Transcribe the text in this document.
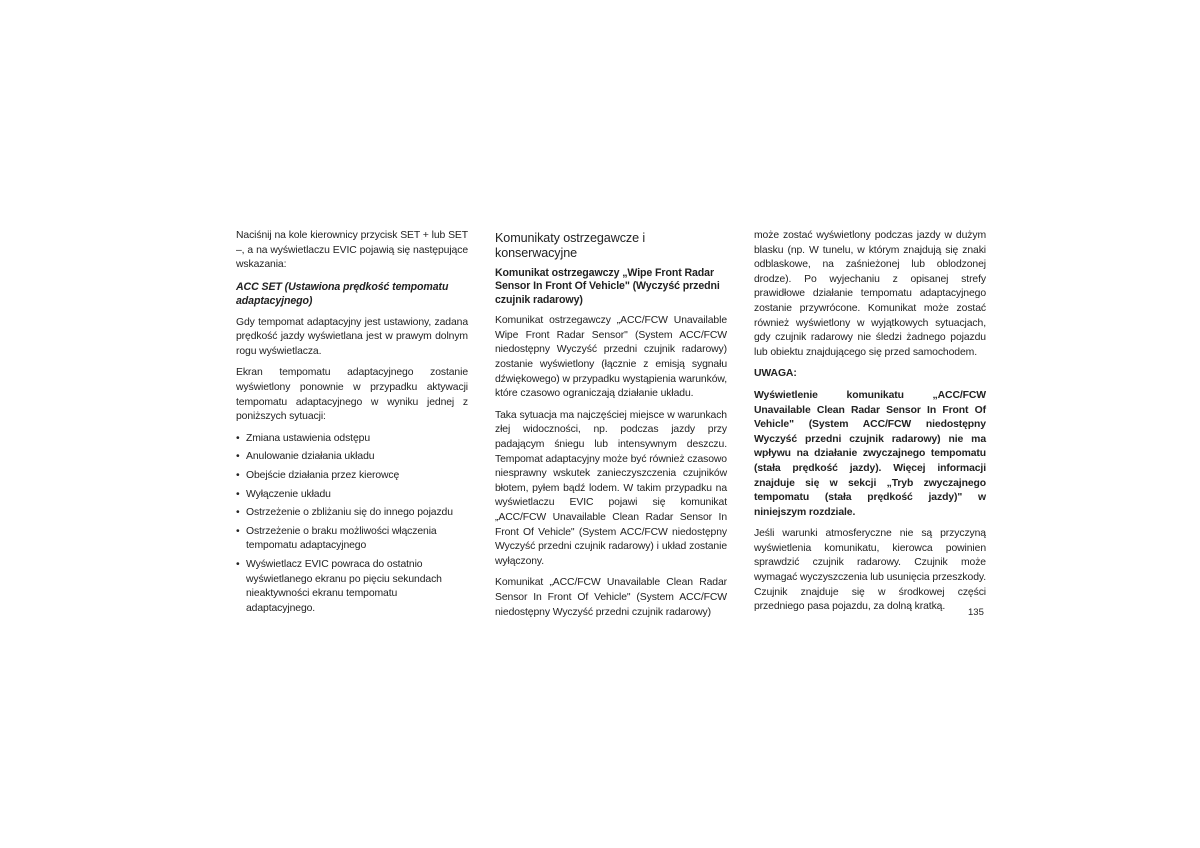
Naciśnij na kole kierownicy przycisk SET + lub SET –, a na wyświetlaczu EVIC pojawią się następujące wskazania:

ACC SET (Ustawiona prędkość tempomatu adaptacyjnego)

Gdy tempomat adaptacyjny jest ustawiony, zadana prędkość jazdy wyświetlana jest w prawym dolnym rogu wyświetlacza.

Ekran tempomatu adaptacyjnego zostanie wyświetlony ponownie w przypadku aktywacji tempomatu adaptacyjnego w wyniku jednej z poniższych sytuacji:

• Zmiana ustawienia odstępu
• Anulowanie działania układu
• Obejście działania przez kierowcę
• Wyłączenie układu
• Ostrzeżenie o zbliżaniu się do innego pojazdu
• Ostrzeżenie o braku możliwości włączenia tempomatu adaptacyjnego
• Wyświetlacz EVIC powraca do ostatnio wyświetlanego ekranu po pięciu sekundach nieaktywności ekranu tempomatu adaptacyjnego.
Komunikaty ostrzegawcze i konserwacyjne

Komunikat ostrzegawczy „Wipe Front Radar Sensor In Front Of Vehicle" (Wyczyść przedni czujnik radarowy)

Komunikat ostrzegawczy „ACC/FCW Unavailable Wipe Front Radar Sensor" (System ACC/FCW niedostępny Wyczyść przedni czujnik radarowy) zostanie wyświetlony (łącznie z emisją sygnału dźwiękowego) w przypadku wystąpienia warunków, które czasowo ograniczają działanie układu.

Taka sytuacja ma najczęściej miejsce w warunkach złej widoczności, np. podczas jazdy przy padającym śniegu lub intensywnym deszczu. Tempomat adaptacyjny może być również czasowo niesprawny wskutek zanieczyszczenia czujników błotem, pyłem bądź lodem. W takim przypadku na wyświetlaczu EVIC pojawi się komunikat „ACC/FCW Unavailable Clean Radar Sensor In Front Of Vehicle" (System ACC/FCW niedostępny Wyczyść przedni czujnik radarowy) i układ zostanie wyłączony.

Komunikat „ACC/FCW Unavailable Clean Radar Sensor In Front Of Vehicle" (System ACC/FCW niedostępny Wyczyść przedni czujnik radarowy)

może zostać wyświetlony podczas jazdy w dużym blasku (np. W tunelu, w którym znajdują się znaki odblaskowe, na zaśnieżonej lub oblodzonej drodze). Po wyjechaniu z opisanej strefy prawidłowe działanie tempomatu adaptacyjnego zostanie przywrócone. Komunikat może zostać również wyświetlony w wyjątkowych sytuacjach, gdy czujnik radarowy nie śledzi żadnego pojazdu lub obiektu znajdującego się przed samochodem.

UWAGA:

Wyświetlenie komunikatu „ACC/FCW Unavailable Clean Radar Sensor In Front Of Vehicle" (System ACC/FCW niedostępny Wyczyść przedni czujnik radarowy) nie ma wpływu na działanie zwyczajnego tempomatu (stała prędkość jazdy). Więcej informacji znajduje się w sekcji „Tryb zwyczajnego tempomatu (stała prędkość jazdy)" w niniejszym rozdziale.

Jeśli warunki atmosferyczne nie są przyczyną wyświetlenia komunikatu, kierowca powinien sprawdzić czujnik radarowy. Czujnik może wymagać wyczyszczenia lub usunięcia przeszkody. Czujnik znajduje się w środkowej części przedniego pasa pojazdu, za dolną kratką.

135
